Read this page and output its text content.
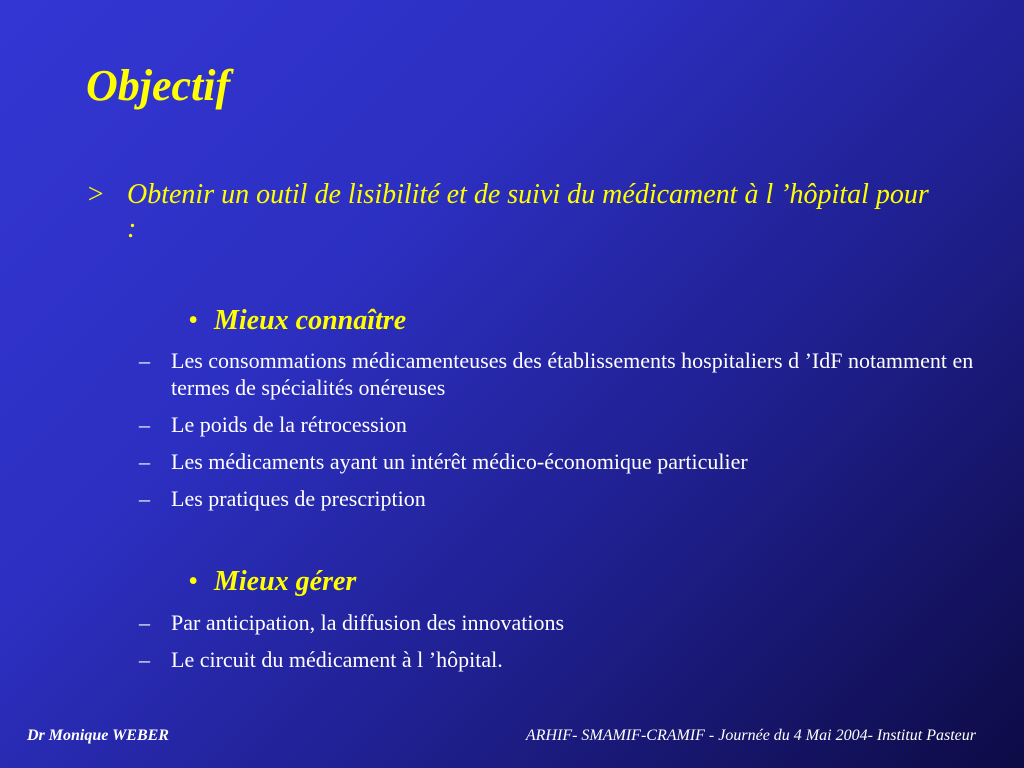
Objectif
> Obtenir un outil de lisibilité et de suivi du médicament à l ’hôpital pour :
• Mieux connaître
– Les consommations médicamenteuses des établissements hospitaliers d ’IdF notamment en termes de spécialités onéreuses
– Le poids de la rétrocession
– Les médicaments ayant un intérêt médico-économique particulier
– Les pratiques de prescription
• Mieux gérer
– Par anticipation, la diffusion des innovations
– Le circuit du médicament à l ’hôpital.
Dr Monique WEBER	ARHIF- SMAMIF-CRAMIF - Journée du 4 Mai 2004- Institut Pasteur
